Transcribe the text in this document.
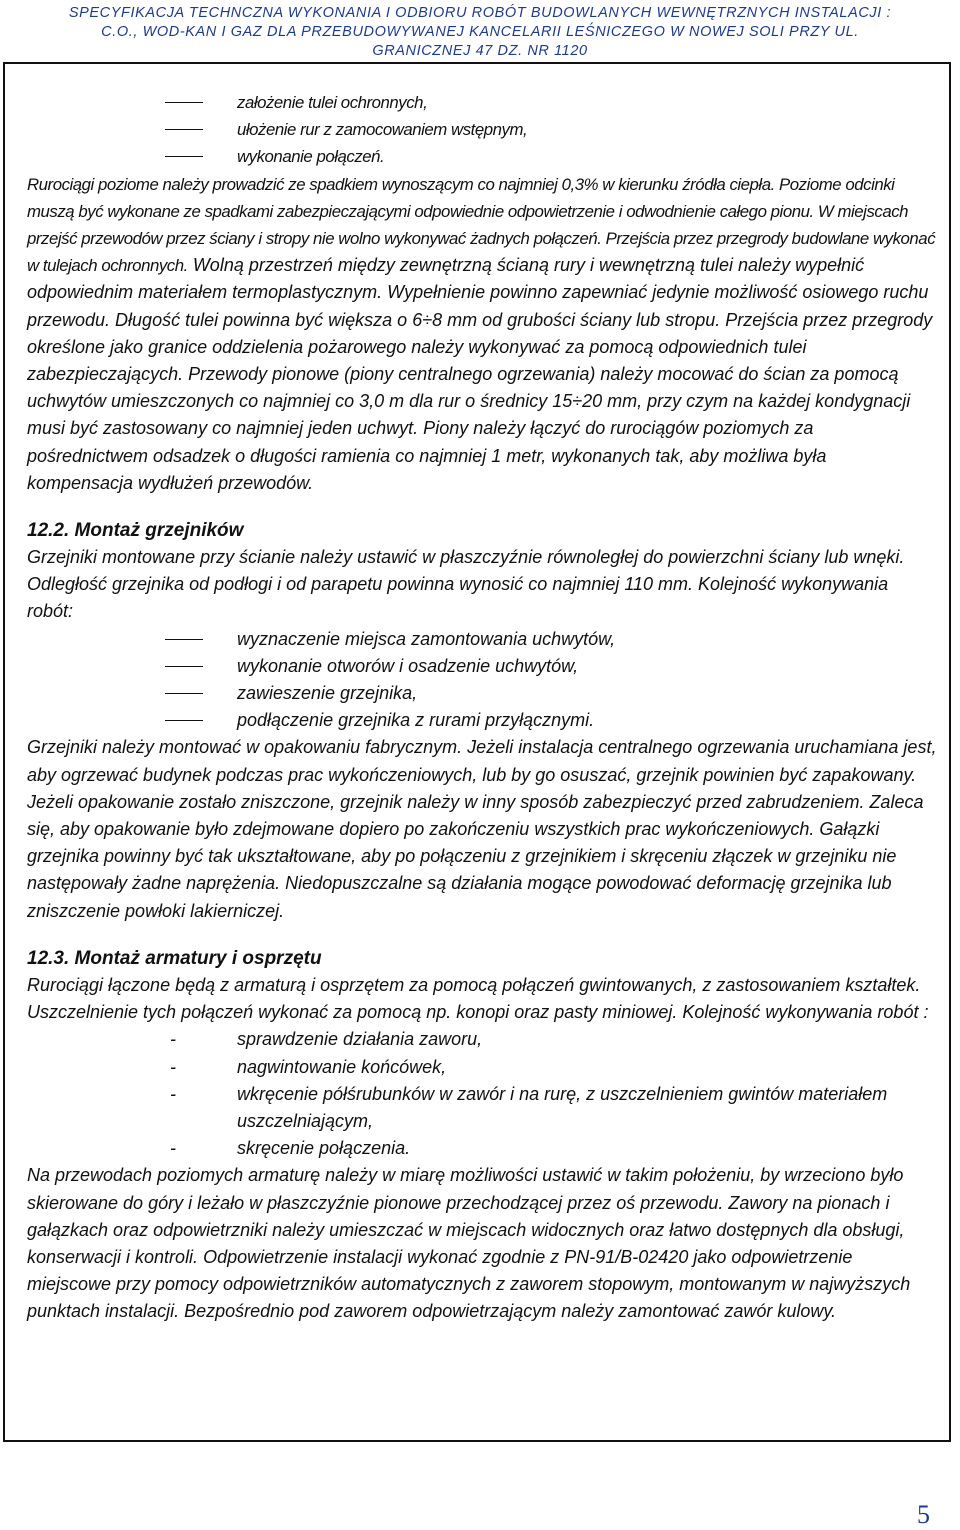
SPECYFIKACJA TECHNCZNA WYKONANIA I ODBIORU ROBÓT BUDOWLANYCH WEWNĘTRZNYCH INSTALACJI :
C.O., WOD-KAN I GAZ DLA PRZEBUDOWYWANEJ KANCELARII LEŚNICZEGO W NOWEJ SOLI PRZY UL.
GRANICZNEJ 47 DZ. NR 1120

założenie tulei ochronnych,

ułożenie rur z zamocowaniem wstępnym,

wykonanie połączeń.

Rurociągi poziome należy prowadzić ze spadkiem wynoszącym co najmniej 0,3% w kierunku źródła ciepła. Poziome odcinki muszą być wykonane ze spadkami zabezpieczającymi odpowiednie odpowietrzenie i odwodnienie całego pionu. W miejscach przejść przewodów przez ściany i stropy nie wolno wykonywać żadnych połączeń. Przejścia przez przegrody budowlane wykonać w tulejach ochronnych. Wolną przestrzeń między zewnętrzną ścianą rury i wewnętrzną tulei należy wypełnić odpowiednim materiałem termoplastycznym. Wypełnienie powinno zapewniać jedynie możliwość osiowego ruchu przewodu. Długość tulei powinna być większa o 6÷8 mm od grubości ściany lub stropu. Przejścia przez przegrody określone jako granice oddzielenia pożarowego należy wykonywać za pomocą odpowiednich tulei zabezpieczających. Przewody pionowe (piony centralnego ogrzewania) należy mocować do ścian za pomocą uchwytów umieszczonych co najmniej co 3,0 m dla rur o średnicy 15÷20 mm, przy czym na każdej kondygnacji musi być zastosowany co najmniej jeden uchwyt. Piony należy łączyć do rurociągów poziomych za pośrednictwem odsadzek o długości ramienia co najmniej 1 metr, wykonanych tak, aby możliwa była kompensacja wydłużeń przewodów.

12.2. Montaż grzejników

Grzejniki montowane przy ścianie należy ustawić w płaszczyźnie równoległej do powierzchni ściany lub wnęki. Odległość grzejnika od podłogi i od parapetu powinna wynosić co najmniej 110 mm. Kolejność wykonywania robót:

wyznaczenie miejsca zamontowania uchwytów,

wykonanie otworów i osadzenie uchwytów,

zawieszenie grzejnika,

podłączenie grzejnika z rurami przyłącznymi.

Grzejniki należy montować w opakowaniu fabrycznym. Jeżeli instalacja centralnego ogrzewania uruchamiana jest, aby ogrzewać budynek podczas prac wykończeniowych, lub by go osuszać, grzejnik powinien być zapakowany. Jeżeli opakowanie zostało zniszczone, grzejnik należy w inny sposób zabezpieczyć przed zabrudzeniem. Zaleca się, aby opakowanie było zdejmowane dopiero po zakończeniu wszystkich prac wykończeniowych. Gałązki grzejnika powinny być tak ukształtowane, aby po połączeniu z grzejnikiem i skręceniu złączek w grzejniku nie następowały żadne naprężenia. Niedopuszczalne są działania mogące powodować deformację grzejnika lub zniszczenie powłoki lakierniczej.

12.3. Montaż armatury i osprzętu

Rurociągi łączone będą z armaturą i osprzętem za pomocą połączeń gwintowanych, z zastosowaniem kształtek. Uszczelnienie tych połączeń wykonać za pomocą np. konopi oraz pasty miniowej. Kolejność wykonywania robót :

-	sprawdzenie działania zaworu,

-	nagwintowanie końcówek,

-	wkręcenie półśrubunków w zawór i na rurę, z uszczelnieniem gwintów materiałem uszczelniającym,

-	skręcenie połączenia.

Na przewodach poziomych armaturę należy w miarę możliwości ustawić w takim położeniu, by wrzeciono było skierowane do góry i leżało w płaszczyźnie pionowe przechodzącej przez oś przewodu. Zawory na pionach i gałązkach oraz odpowietrzniki należy umieszczać w miejscach widocznych oraz łatwo dostępnych dla obsługi, konserwacji i kontroli. Odpowietrzenie instalacji wykonać zgodnie z PN-91/B-02420 jako odpowietrzenie miejscowe przy pomocy odpowietrzników automatycznych z zaworem stopowym, montowanym w najwyższych punktach instalacji. Bezpośrednio pod zaworem odpowietrzającym należy zamontować zawór kulowy.

5
